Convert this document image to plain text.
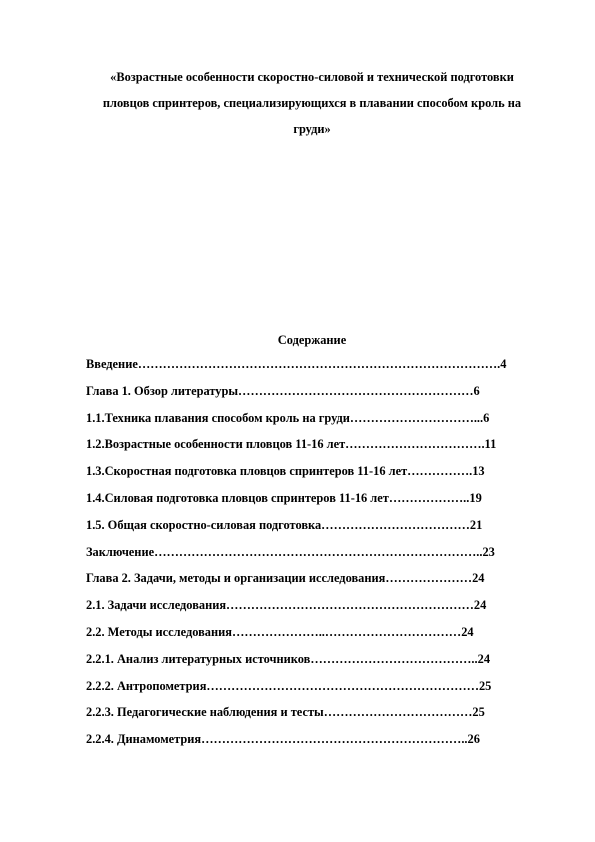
«Возрастные особенности скоростно-силовой и технической подготовки пловцов спринтеров, специализирующихся в плавании способом кроль на груди»
Содержание
Введение…………………………………………………………………………….4
Глава 1. Обзор литературы…………………………………………………6
1.1.Техника плавания способом кроль на груди…………………………...6
1.2.Возрастные особенности пловцов 11-16 лет…………………………….11
1.3.Скоростная подготовка пловцов спринтеров 11-16 лет…………….13
1.4.Силовая подготовка пловцов спринтеров 11-16 лет………………..19
1.5. Общая скоростно-силовая подготовка………………………………21
Заключение……………………………………………………………………..23
Глава 2. Задачи, методы и организации исследования…………………24
2.1. Задачи исследования……………………………………………………24
2.2. Методы исследования…………………..……………………………24
2.2.1. Анализ литературных источников…………………………………..24
2.2.2. Антропометрия…………………………………………………………25
2.2.3. Педагогические наблюдения и тесты………………………………25
2.2.4. Динамометрия………………………………………………………..26
